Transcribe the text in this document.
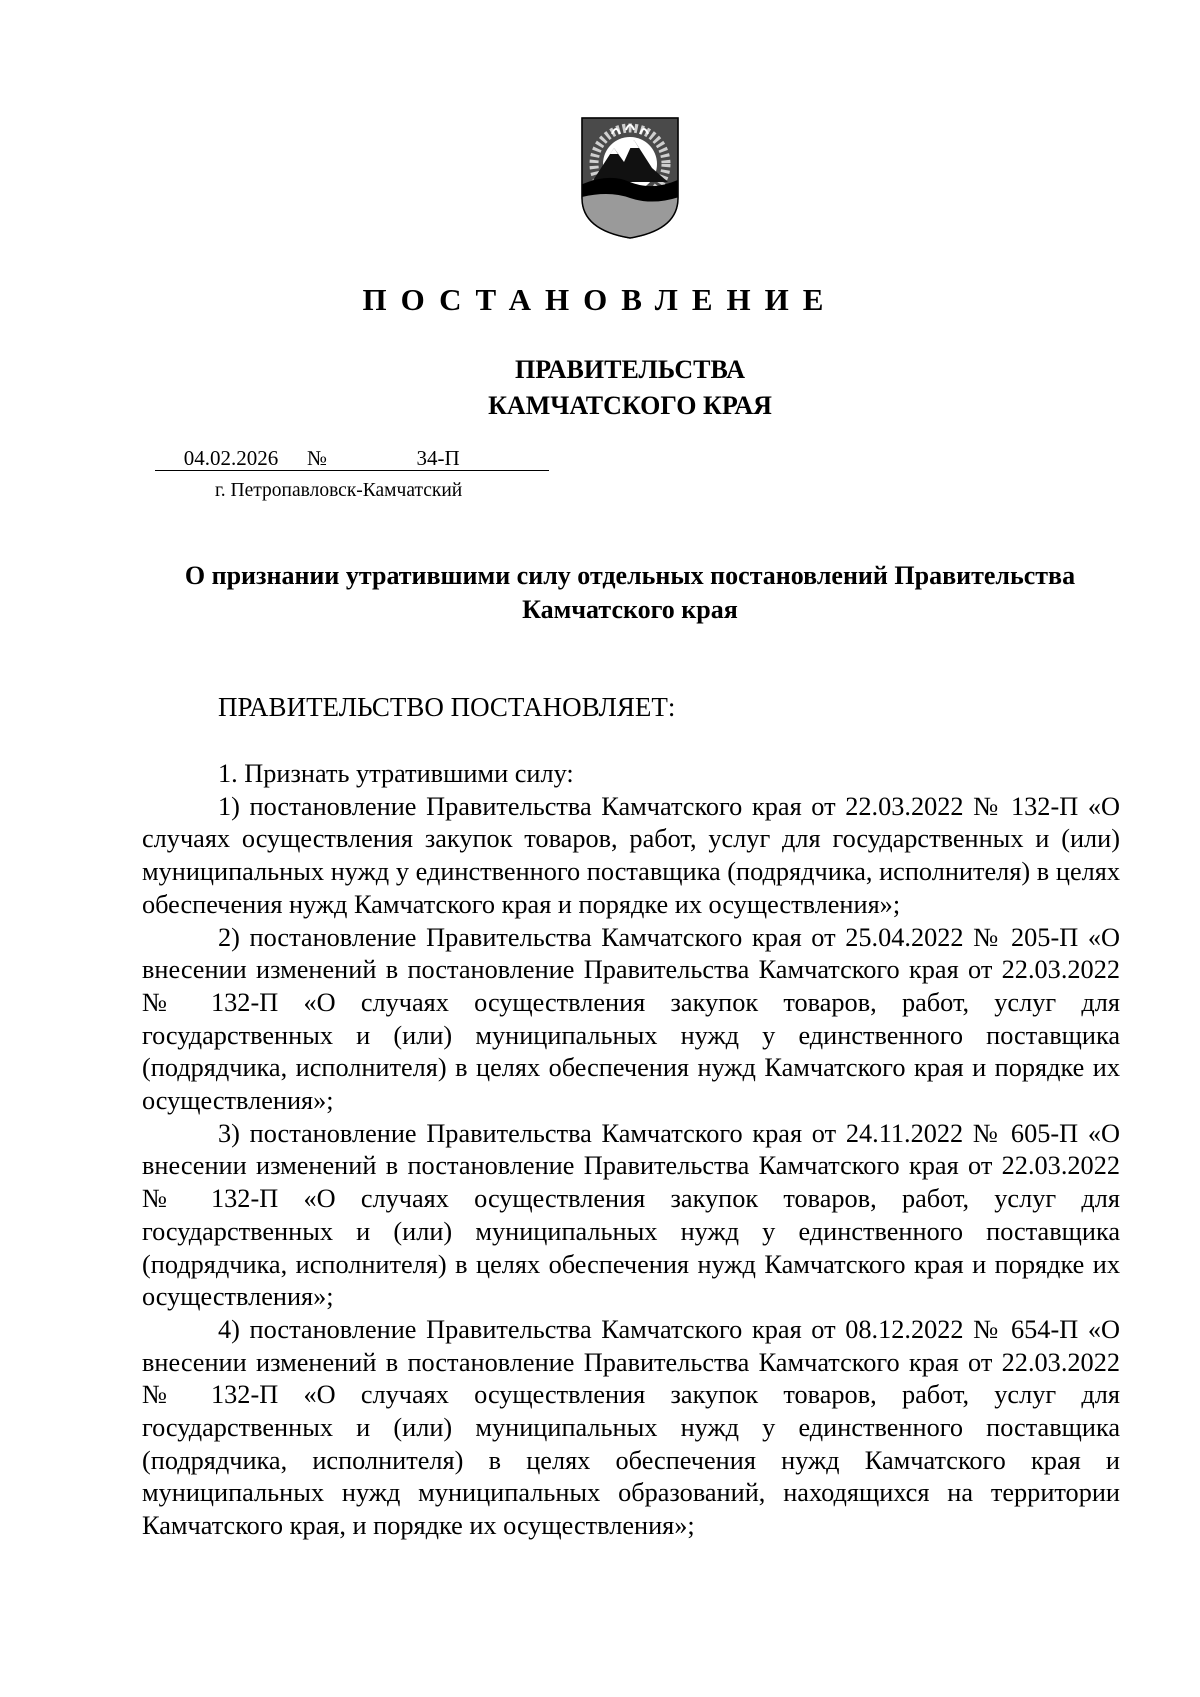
ПОСТАНОВЛЕНИЕ
ПРАВИТЕЛЬСТВА
КАМЧАТСКОГО КРАЯ
04.02.2026 №	34-П
г. Петропавловск-Камчатский
О признании утратившими силу отдельных постановлений Правительства
Камчатского края
ПРАВИТЕЛЬСТВО ПОСТАНОВЛЯЕТ:

1. Признать утратившими силу:

1) постановление Правительства Камчатского края от 22.03.2022 № 132-П «О случаях осуществления закупок товаров, работ, услуг для государственных и (или) муниципальных нужд у единственного поставщика (подрядчика, исполнителя) в целях обеспечения нужд Камчатского края и порядке их осуществления»;

2) постановление Правительства Камчатского края от 25.04.2022 № 205-П «О внесении изменений в постановление Правительства Камчатского края от 22.03.2022 № 132-П «О случаях осуществления закупок товаров, работ, услуг для государственных и (или) муниципальных нужд у единственного поставщика (подрядчика, исполнителя) в целях обеспечения нужд Камчатского края и порядке их осуществления»;

3) постановление Правительства Камчатского края от 24.11.2022 № 605-П «О внесении изменений в постановление Правительства Камчатского края от 22.03.2022 № 132-П «О случаях осуществления закупок товаров, работ, услуг для государственных и (или) муниципальных нужд у единственного поставщика (подрядчика, исполнителя) в целях обеспечения нужд Камчатского края и порядке их осуществления»;

4) постановление Правительства Камчатского края от 08.12.2022 № 654-П «О внесении изменений в постановление Правительства Камчатского края от 22.03.2022 № 132-П «О случаях осуществления закупок товаров, работ, услуг для государственных и (или) муниципальных нужд у единственного поставщика (подрядчика, исполнителя) в целях обеспечения нужд Камчатского края и муниципальных нужд муниципальных образований, находящихся на территории Камчатского края, и порядке их осуществления»;
